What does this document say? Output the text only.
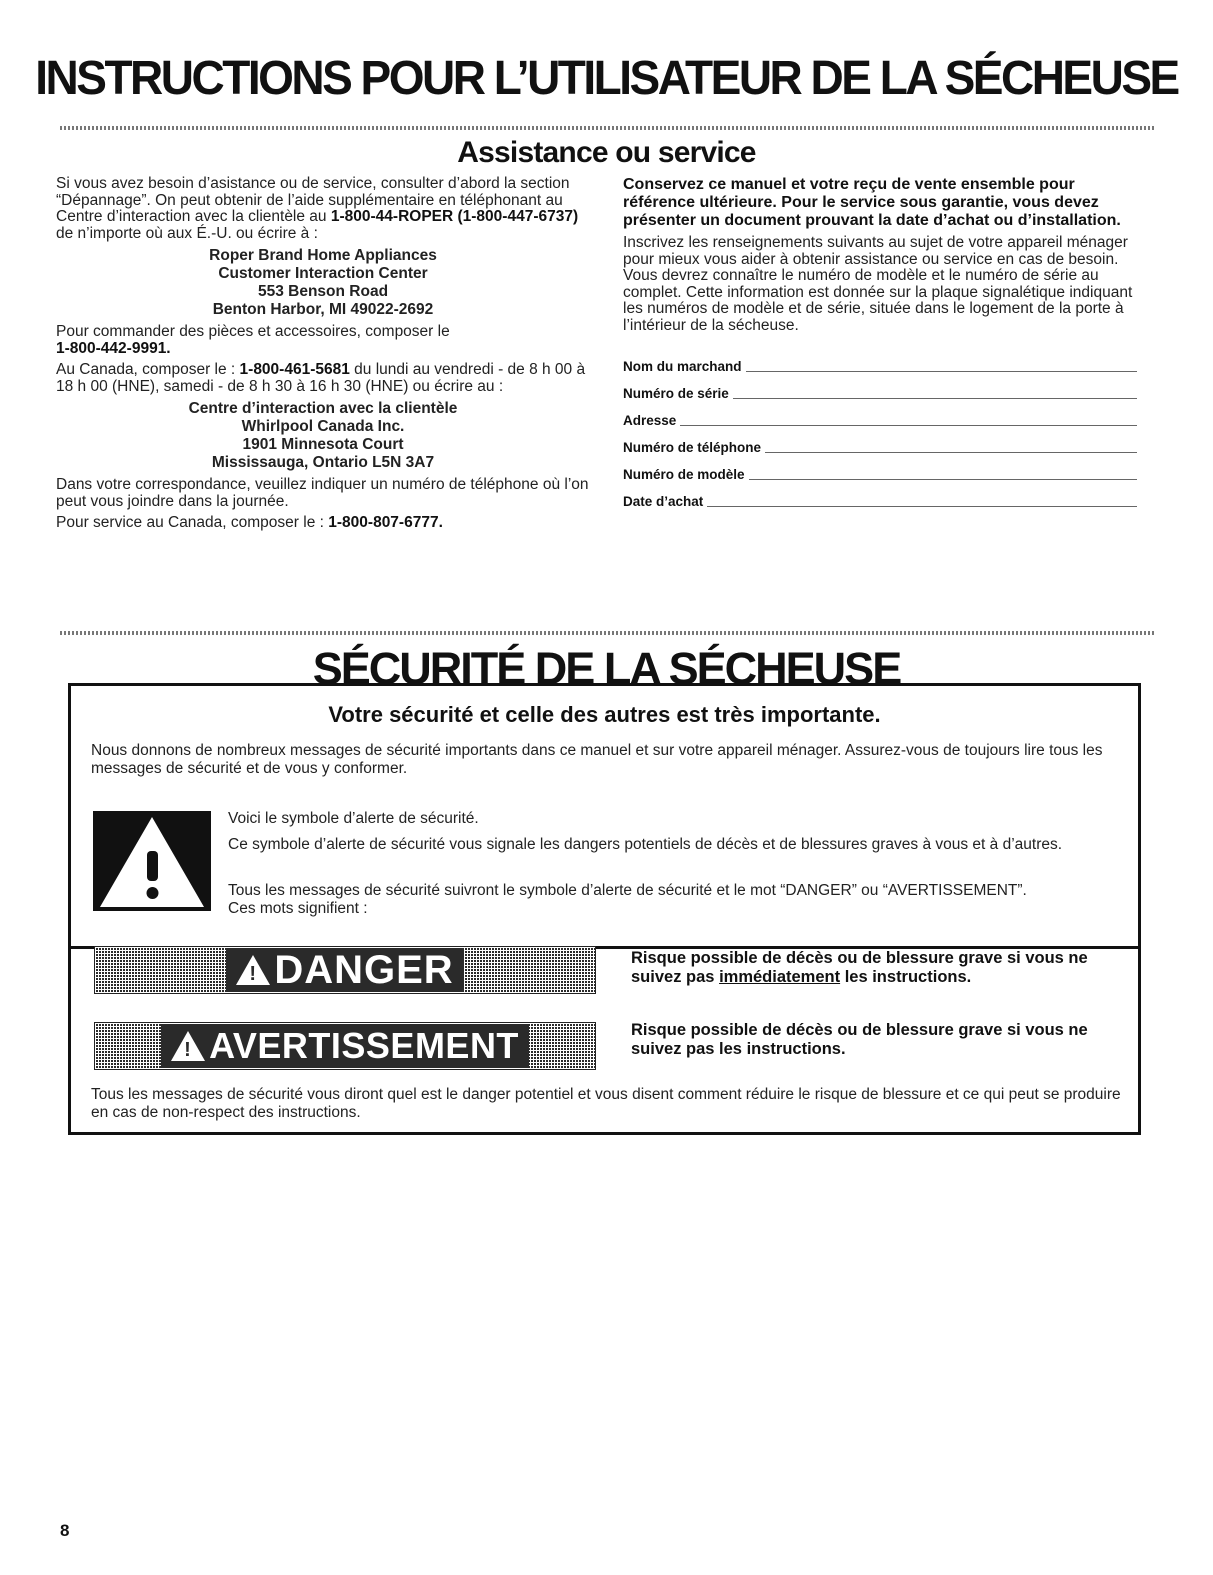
INSTRUCTIONS POUR L’UTILISATEUR DE LA SÉCHEUSE
Assistance ou service

Si vous avez besoin d’asistance ou de service, consulter d’abord la section “Dépannage”. On peut obtenir de l’aide supplémentaire en téléphonant au Centre d’interaction avec la clientèle au 1-800-44-ROPER (1-800-447-6737) de n’importe où aux É.-U. ou écrire à :

Roper Brand Home Appliances
Customer Interaction Center
553 Benson Road
Benton Harbor, MI 49022-2692

Pour commander des pièces et accessoires, composer le
1-800-442-9991.

Au Canada, composer le : 1-800-461-5681 du lundi au vendredi - de 8 h 00 à 18 h 00 (HNE), samedi - de 8 h 30 à 16 h 30 (HNE) ou écrire au :

Centre d’interaction avec la clientèle
Whirlpool Canada Inc.
1901 Minnesota Court
Mississauga, Ontario L5N 3A7

Dans votre correspondance, veuillez indiquer un numéro de téléphone où l’on peut vous joindre dans la journée.

Pour service au Canada, composer le : 1-800-807-6777.

Conservez ce manuel et votre reçu de vente ensemble pour référence ultérieure. Pour le service sous garantie, vous devez présenter un document prouvant la date d’achat ou d’installation.

Inscrivez les renseignements suivants au sujet de votre appareil ménager pour mieux vous aider à obtenir assistance ou service en cas de besoin. Vous devrez connaître le numéro de modèle et le numéro de série au complet. Cette information est donnée sur la plaque signalétique indiquant les numéros de modèle et de série, située dans le logement de la porte à l’intérieur de la sécheuse.

Nom du marchand
Numéro de série
Adresse
Numéro de téléphone
Numéro de modèle
Date d’achat
SÉCURITÉ DE LA SÉCHEUSE

Votre sécurité et celle des autres est très importante.

Nous donnons de nombreux messages de sécurité importants dans ce manuel et sur votre appareil ménager. Assurez-vous de toujours lire tous les messages de sécurité et de vous y conformer.

Voici le symbole d’alerte de sécurité.

Ce symbole d’alerte de sécurité vous signale les dangers potentiels de décès et de blessures graves à vous et à d’autres.

Tous les messages de sécurité suivront le symbole d’alerte de sécurité et le mot “DANGER” ou “AVERTISSEMENT”. Ces mots signifient :

! DANGER	Risque possible de décès ou de blessure grave si vous ne suivez pas immédiatement les instructions.

! AVERTISSEMENT	Risque possible de décès ou de blessure grave si vous ne suivez pas les instructions.

Tous les messages de sécurité vous diront quel est le danger potentiel et vous disent comment réduire le risque de blessure et ce qui peut se produire en cas de non-respect des instructions.

8
